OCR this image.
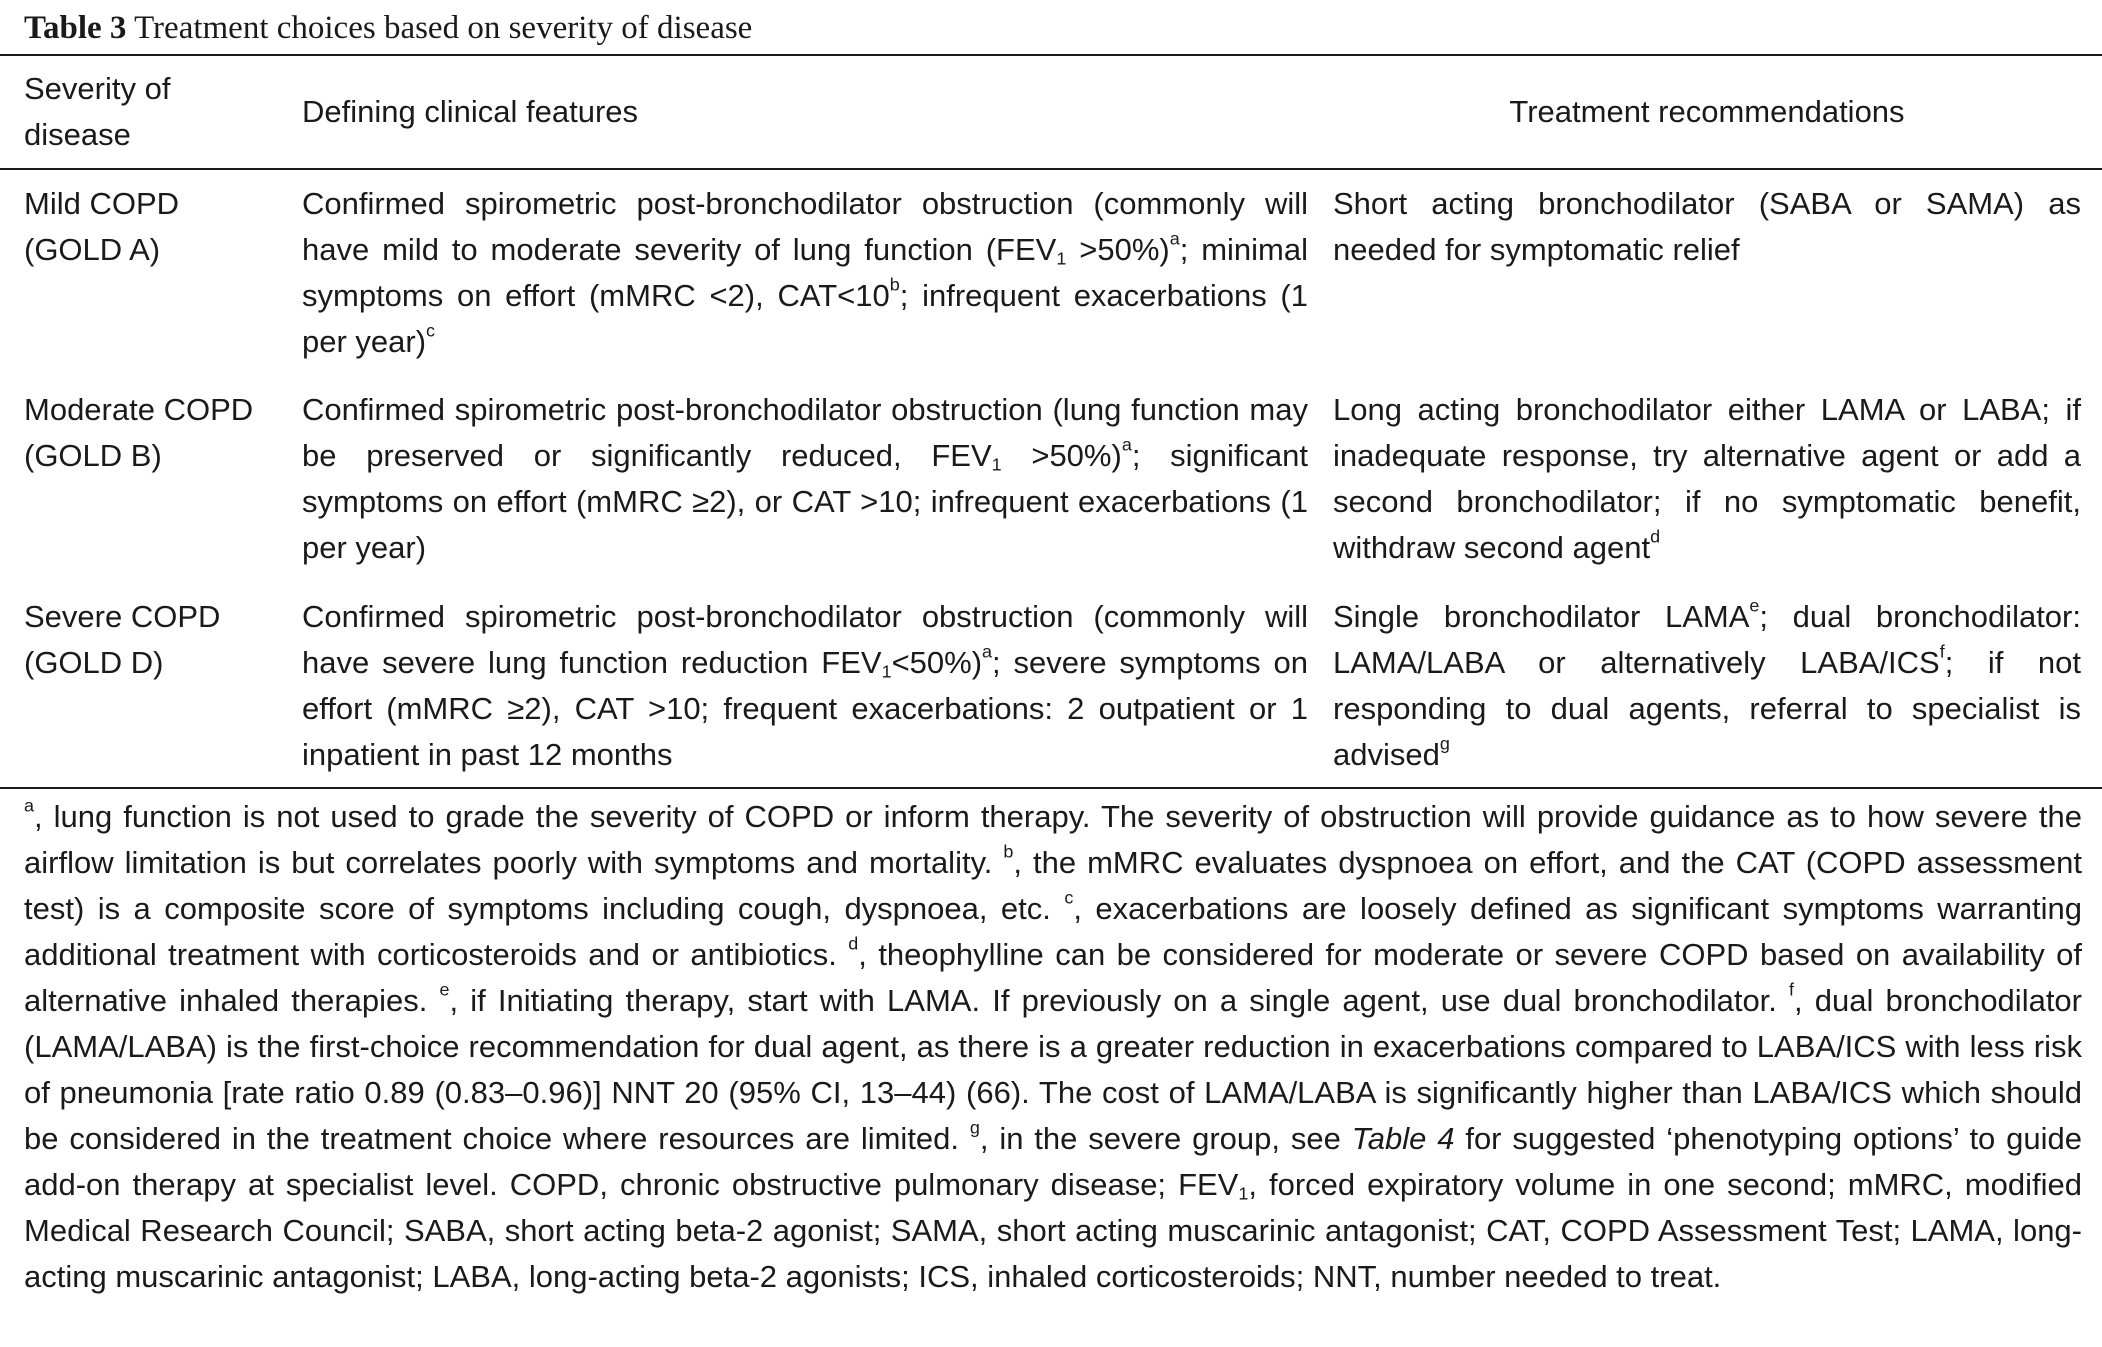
Table 3 Treatment choices based on severity of disease
Severity of disease
Defining clinical features	Treatment recommendations
Mild COPD
(GOLD A)
Confirmed spirometric post-bronchodilator obstruction (commonly will have mild to moderate severity of lung function $(FEV_1 >50\%)^a$; minimal symptoms on effort (mMRC <2), $CAT<10^b$; infrequent exacerbations (1 per year)$^c$
Short acting bronchodilator (SABA or SAMA) as needed for symptomatic relief
Moderate COPD
(GOLD B)
Confirmed spirometric post-bronchodilator obstruction (lung function may be preserved or significantly reduced, $FEV_1 >50\%)^a$; significant symptoms on effort (mMRC ≥2), or CAT >10; infrequent exacerbations (1 per year)
Long acting bronchodilator either LAMA or LABA; if inadequate response, try alternative agent or add a second bronchodilator; if no symptomatic benefit, withdraw second agent$^d$
Severe COPD
(GOLD D)
Confirmed spirometric post-bronchodilator obstruction (commonly will have severe lung function reduction $FEV_1<50\%)^a$; severe symptoms on effort (mMRC ≥2), CAT >10; frequent exacerbations: 2 outpatient or 1 inpatient in past 12 months
Single bronchodilator LAMA$^e$; dual bronchodilator: LAMA/LABA or alternatively LABA/ICS$^f$; if not responding to dual agents, referral to specialist is advised$^g$
$^a$, lung function is not used to grade the severity of COPD or inform therapy. The severity of obstruction will provide guidance as to how severe the airflow limitation is but correlates poorly with symptoms and mortality. $^b$, the mMRC evaluates dyspnoea on effort, and the CAT (COPD assessment test) is a composite score of symptoms including cough, dyspnoea, etc. $^c$, exacerbations are loosely defined as significant symptoms warranting additional treatment with corticosteroids and or antibiotics. $^d$, theophylline can be considered for moderate or severe COPD based on availability of alternative inhaled therapies. $^e$, if Initiating therapy, start with LAMA. If previously on a single agent, use dual bronchodilator. $^f$, dual bronchodilator (LAMA/LABA) is the first-choice recommendation for dual agent, as there is a greater reduction in exacerbations compared to LABA/ICS with less risk of pneumonia [rate ratio 0.89 (0.83–0.96)] NNT 20 (95% CI, 13–44) (66). The cost of LAMA/LABA is significantly higher than LABA/ICS which should be considered in the treatment choice where resources are limited. $^g$, in the severe group, see Table 4 for suggested ‘phenotyping options’ to guide add-on therapy at specialist level. COPD, chronic obstructive pulmonary disease; $FEV_1$, forced expiratory volume in one second; mMRC, modified Medical Research Council; SABA, short acting beta-2 agonist; SAMA, short acting muscarinic antagonist; CAT, COPD Assessment Test; LAMA, long-acting muscarinic antagonist; LABA, long-acting beta-2 agonists; ICS, inhaled corticosteroids; NNT, number needed to treat.
